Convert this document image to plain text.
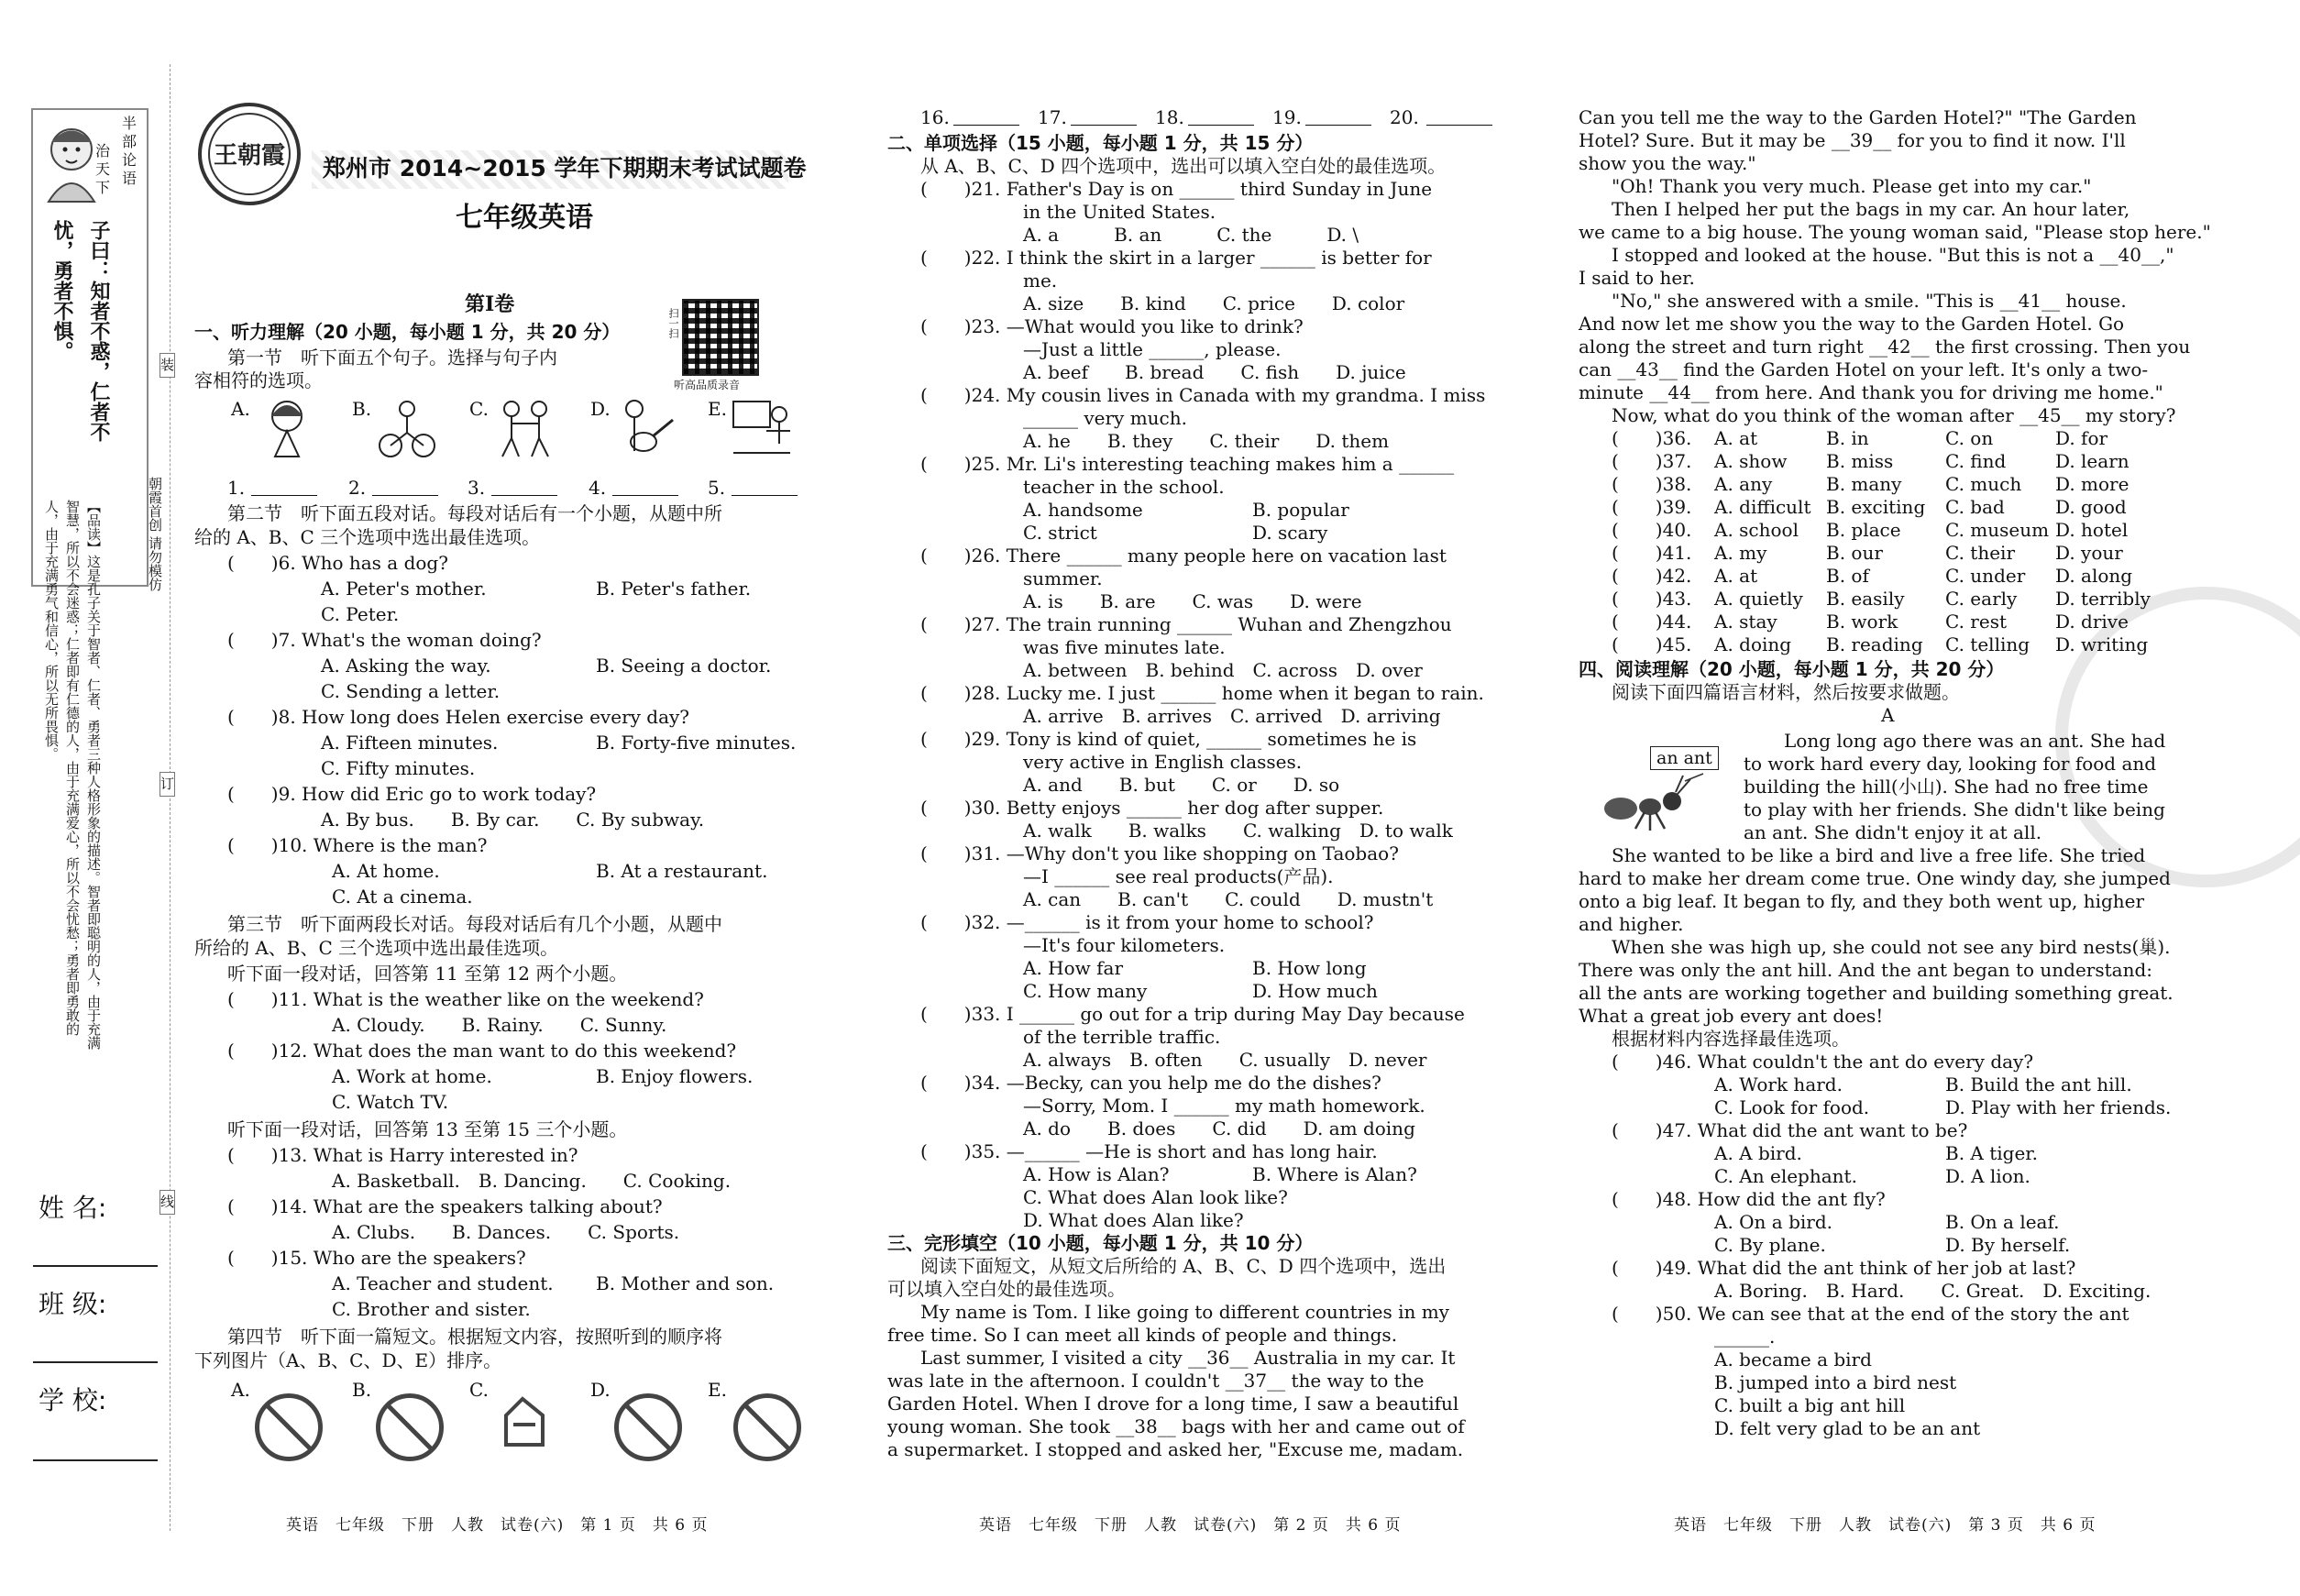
半
部
论
语
治
天
下
子曰：知者不惑，仁者不忧，勇者不惧。
【品读】这是孔子关于智者、仁者、勇者三种人格形象的描述。智者即聪明的人，由于充满智慧，所以不会迷惑；仁者即有仁德的人，由于充满爱心，所以不会忧愁；勇者即勇敢的人，由于充满勇气和信心，所以无所畏惧。	朝霞首创 请勿模仿
装
订
线
姓 名:
班 级:
学 校:
王朝霞 郑州市 2014~2015 学年下期期末考试试题卷
七年级英语
第Ⅰ卷
听高品质录音
扫一扫
一、听力理解（20 小题，每小题 1 分，共 20 分）
第一节　听下面五个句子。选择与句子内
容相符的选项。
A.	B.	C.	D.	E.
1.	2.	3.	4.	5.
第二节　听下面五段对话。每段对话后有一个小题，从题中所
给的 A、B、C 三个选项中选出最佳选项。
(　　)6. Who has a dog?
A. Peter's mother.	B. Peter's father.
C. Peter.
(　　)7. What's the woman doing?
A. Asking the way.	B. Seeing a doctor.
C. Sending a letter.
(　　)8. How long does Helen exercise every day?
A. Fifteen minutes.	B. Forty-five minutes.
C. Fifty minutes.
(　　)9. How did Eric go to work today?
A. By bus.　　B. By car.　　C. By subway.
(　　)10. Where is the man?
A. At home.	B. At a restaurant.
C. At a cinema.
第三节　听下面两段长对话。每段对话后有几个小题，从题中
所给的 A、B、C 三个选项中选出最佳选项。
听下面一段对话，回答第 11 至第 12 两个小题。
(　　)11. What is the weather like on the weekend?
A. Cloudy.　　B. Rainy.　　C. Sunny.
(　　)12. What does the man want to do this weekend?
A. Work at home.	B. Enjoy flowers.
C. Watch TV.
听下面一段对话，回答第 13 至第 15 三个小题。
(　　)13. What is Harry interested in?
A. Basketball.　B. Dancing.　　C. Cooking.
(　　)14. What are the speakers talking about?
A. Clubs.　　B. Dances.　　C. Sports.
(　　)15. Who are the speakers?
A. Teacher and student. B. Mother and son.
C. Brother and sister.
第四节　听下面一篇短文。根据短文内容，按照听到的顺序将
下列图片（A、B、C、D、E）排序。
A.	B.	C.	D.	E.
英语　七年级　下册　人教　试卷(六)　第 1 页　共 6 页
16.	17.	18.	19.	20.
二、单项选择（15 小题，每小题 1 分，共 15 分）
从 A、B、C、D 四个选项中，选出可以填入空白处的最佳选项。
(　　)21. Father's Day is on ______ third Sunday in June
in the United States.
A. a　　　B. an　　　C. the　　　D. \
(　　)22. I think the skirt in a larger ______ is better for
me.
A. size　　B. kind　　C. price　　D. color
(　　)23. —What would you like to drink?
—Just a little ______, please.
A. beef　　B. bread　　C. fish　　D. juice
(　　)24. My cousin lives in Canada with my grandma. I miss
______ very much.
A. he　　B. they　　C. their　　D. them
(　　)25. Mr. Li's interesting teaching makes him a ______
teacher in the school.
A. handsome	B. popular
C. strict	D. scary
(　　)26. There ______ many people here on vacation last
summer.
A. is　　B. are　　C. was　　D. were
(　　)27. The train running ______ Wuhan and Zhengzhou
was five minutes late.
A. between　B. behind　C. across　D. over
(　　)28. Lucky me. I just ______ home when it began to rain.
A. arrive　B. arrives　C. arrived　D. arriving
(　　)29. Tony is kind of quiet, ______ sometimes he is
very active in English classes.
A. and　　B. but　　C. or　　D. so
(　　)30. Betty enjoys ______ her dog after supper.
A. walk　　B. walks　　C. walking　D. to walk
(　　)31. —Why don't you like shopping on Taobao?
—I ______ see real products(产品).
A. can　　B. can't　　C. could　　D. mustn't
(　　)32. —______ is it from your home to school?
—It's four kilometers.
A. How far	B. How long
C. How many	D. How much
(　　)33. I ______ go out for a trip during May Day because
of the terrible traffic.
A. always　B. often　　C. usually　D. never
(　　)34. —Becky, can you help me do the dishes?
—Sorry, Mom. I ______ my math homework.
A. do　　B. does　　C. did　　D. am doing
(　　)35. —______ —He is short and has long hair.
A. How is Alan?	B. Where is Alan?
C. What does Alan look like?
D. What does Alan like?
三、完形填空（10 小题，每小题 1 分，共 10 分）
阅读下面短文，从短文后所给的 A、B、C、D 四个选项中，选出
可以填入空白处的最佳选项。
My name is Tom. I like going to different countries in my
free time. So I can meet all kinds of people and things.
Last summer, I visited a city __36__ Australia in my car. It
was late in the afternoon. I couldn't __37__ the way to the
Garden Hotel. When I drove for a long time, I saw a beautiful
young woman. She took __38__ bags with her and came out of
a supermarket. I stopped and asked her, "Excuse me, madam.
英语　七年级　下册　人教　试卷(六)　第 2 页　共 6 页
Can you tell me the way to the Garden Hotel?" "The Garden
Hotel? Sure. But it may be __39__ for you to find it now. I'll
show you the way."
"Oh! Thank you very much. Please get into my car."
Then I helped her put the bags in my car. An hour later,
we came to a big house. The young woman said, "Please stop here."
I stopped and looked at the house. "But this is not a __40__,"
I said to her.
"No," she answered with a smile. "This is __41__ house.
And now let me show you the way to the Garden Hotel. Go
along the street and turn right __42__ the first crossing. Then you
can __43__ find the Garden Hotel on your left. It's only a two-
minute __44__ from here. And thank you for driving me home."
Now, what do you think of the woman after __45__ my story?
(　　)36. A. at	B. in	C. on	D. for
(　　)37. A. show B. miss	C. find	D. learn
(　　)38. A. any	B. many C. much D. more
(　　)39. A. difficult B. exciting C. bad	D. good
(　　)40. A. school B. place C. museum D. hotel
(　　)41. A. my	B. our	C. their D. your
(　　)42. A. at	B. of	C. under D. along
(　　)43. A. quietly B. easily C. early D. terribly
(　　)44. A. stay	B. work	C. rest	D. drive
(　　)45. A. doing B. reading C. telling D. writing
四、阅读理解（20 小题，每小题 1 分，共 20 分）
阅读下面四篇语言材料，然后按要求做题。
A
an ant
Long long ago there was an ant. She had
to work hard every day, looking for food and
building the hill(小山). She had no free time
to play with her friends. She didn't like being
an ant. She didn't enjoy it at all.
She wanted to be like a bird and live a free life. She tried
hard to make her dream come true. One windy day, she jumped
onto a big leaf. It began to fly, and they both went up, higher
and higher.
When she was high up, she could not see any bird nests(巢).
There was only the ant hill. And the ant began to understand:
all the ants are working together and building something great.
What a great job every ant does!
根据材料内容选择最佳选项。
(　　)46. What couldn't the ant do every day?
A. Work hard.	B. Build the ant hill.
C. Look for food.	D. Play with her friends.
(　　)47. What did the ant want to be?
A. A bird.	B. A tiger.
C. An elephant.	D. A lion.
(　　)48. How did the ant fly?
A. On a bird.	B. On a leaf.
C. By plane.	D. By herself.
(　　)49. What did the ant think of her job at last?
A. Boring.　B. Hard.　　C. Great.　D. Exciting.
(　　)50. We can see that at the end of the story the ant
______.
A. became a bird
B. jumped into a bird nest
C. built a big ant hill
D. felt very glad to be an ant
英语　七年级　下册　人教　试卷(六)　第 3 页　共 6 页
